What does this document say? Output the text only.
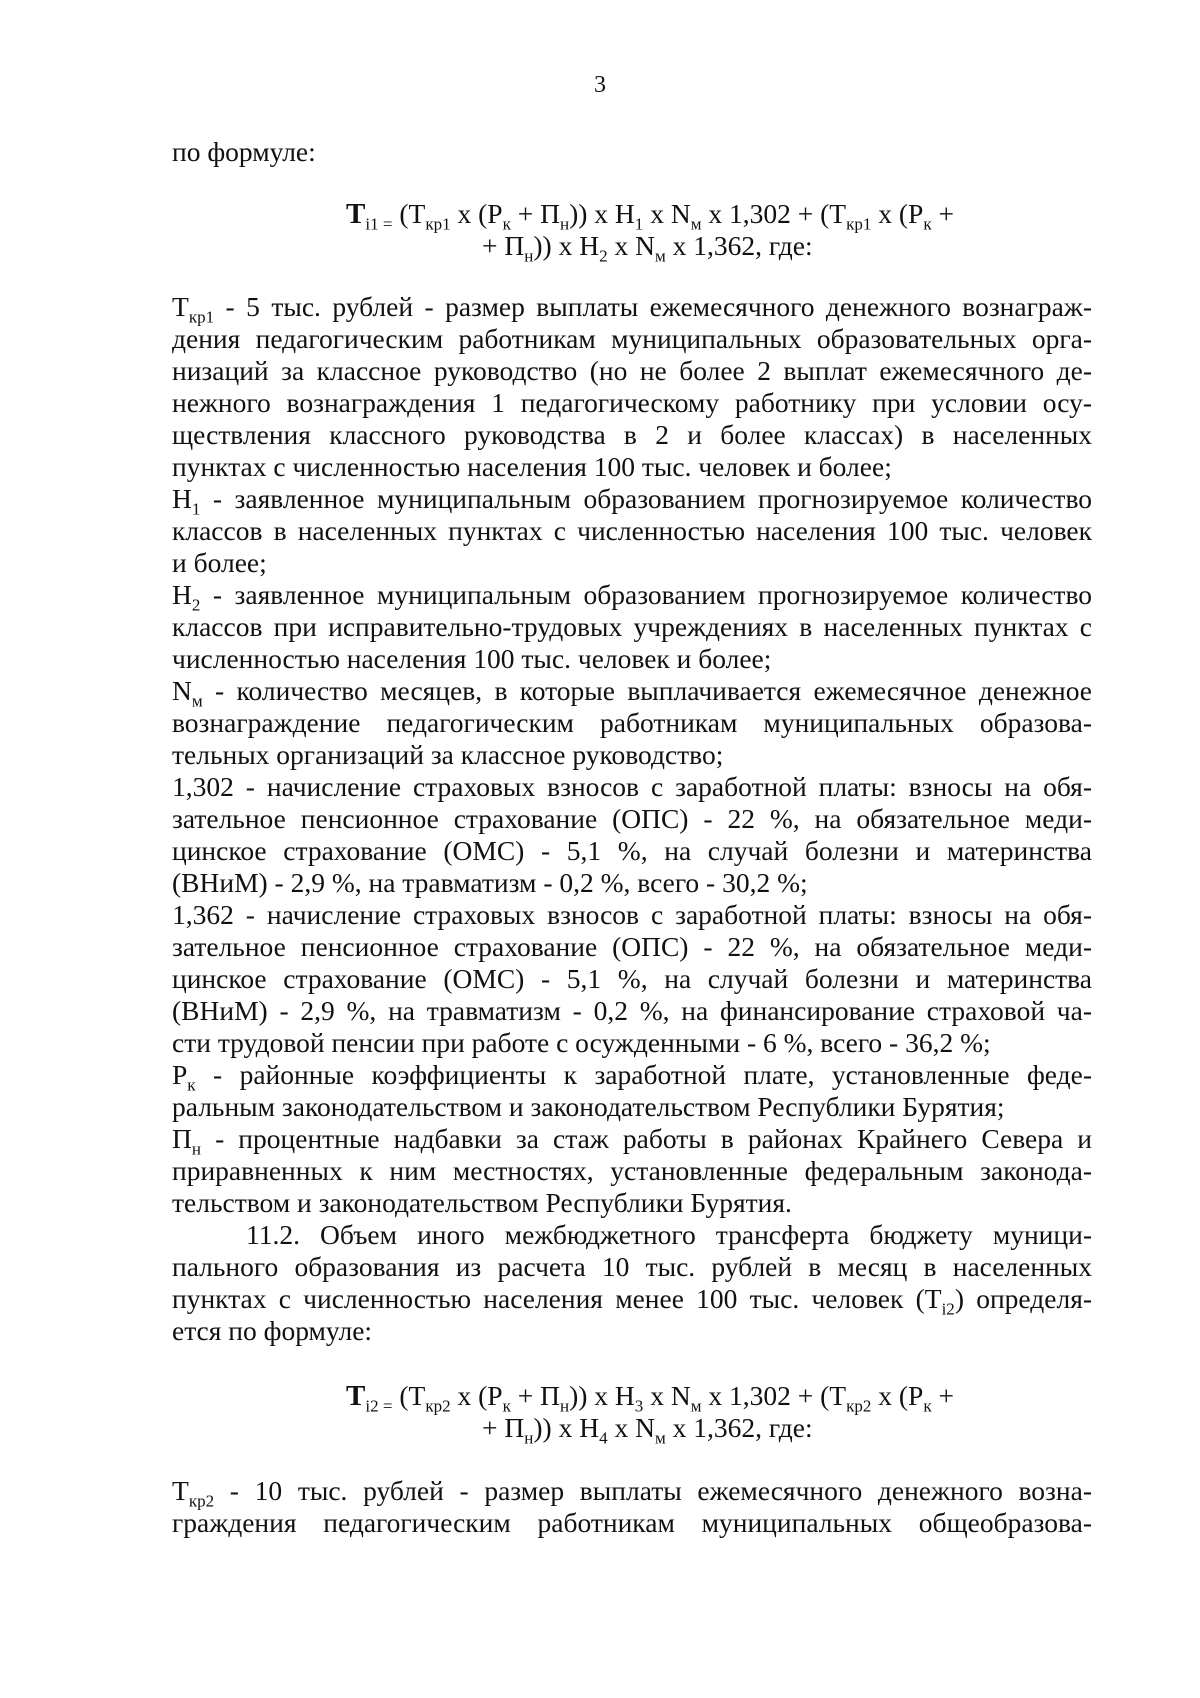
3
по формуле:
$Т_{i1 =}$ ($Т_{кр1}$ х $(Р_к + П_н)$) х $Н_1$ х $N_м$ х $1,302 + (Т_{кр1}$ х ($Р_к$ +
+ $П_н$)) х $Н_2$ х $N_м$ х 1,362, где:
$Т_{кр1} - 5$ тыс. рублей - размер выплаты ежемесячного денежного вознаграж-
дения педагогическим работникам муниципальных образовательных орга-
низаций за классное руководство (но не более 2 выплат ежемесячного де-
нежного вознаграждения 1 педагогическому работнику при условии осу-
ществления классного руководства в 2 и более классах) в населенных
пунктах с численностью населения 100 тыс. человек и более;
$Н_1$ - заявленное муниципальным образованием прогнозируемое количество
классов в населенных пунктах с численностью населения 100 тыс. человек
и более;
$Н_2$ - заявленное муниципальным образованием прогнозируемое количество
классов при исправительно-трудовых учреждениях в населенных пунктах с
численностью населения 100 тыс. человек и более;
$N_м$ - количество месяцев, в которые выплачивается ежемесячное денежное
вознаграждение педагогическим работникам муниципальных образова-
тельных организаций за классное руководство;
1,302 - начисление страховых взносов с заработной платы: взносы на обя-
зательное пенсионное страхование (ОПС) - 22 %, на обязательное меди-
цинское страхование (ОМС) - 5,1 %, на случай болезни и материнства
(ВНиМ) - 2,9 %, на травматизм - 0,2 %, всего - 30,2 %;
1,362 - начисление страховых взносов с заработной платы: взносы на обя-
зательное пенсионное страхование (ОПС) - 22 %, на обязательное меди-
цинское страхование (ОМС) - 5,1 %, на случай болезни и материнства
(ВНиМ) - 2,9 %, на травматизм - 0,2 %, на финансирование страховой ча-
сти трудовой пенсии при работе с осужденными - 6 %, всего - 36,2 %;
$Р_к$ - районные коэффициенты к заработной плате, установленные феде-
ральным законодательством и законодательством Республики Бурятия;
$П_н$ - процентные надбавки за стаж работы в районах Крайнего Севера и
приравненных к ним местностях, установленные федеральным законода-
тельством и законодательством Республики Бурятия.
11.2. Объем иного межбюджетного трансферта бюджету муници-
пального образования из расчета 10 тыс. рублей в месяц в населенных
пунктах с численностью населения менее 100 тыс. человек $(Т_{i2})$ определя-
ется по формуле:
$Т_{i2 =}$ ($Т_{кр2}$ х $(Р_к + П_н)$) х $Н_3$ х $N_м$ х $1,302 + (Т_{кр2}$ х ($Р_к$ +
+ $П_н$)) х $Н_4$ х $N_м$ х 1,362, где:
$Т_{кр2} - 10$ тыс. рублей - размер выплаты ежемесячного денежного возна-
граждения педагогическим работникам муниципальных общеобразова-
